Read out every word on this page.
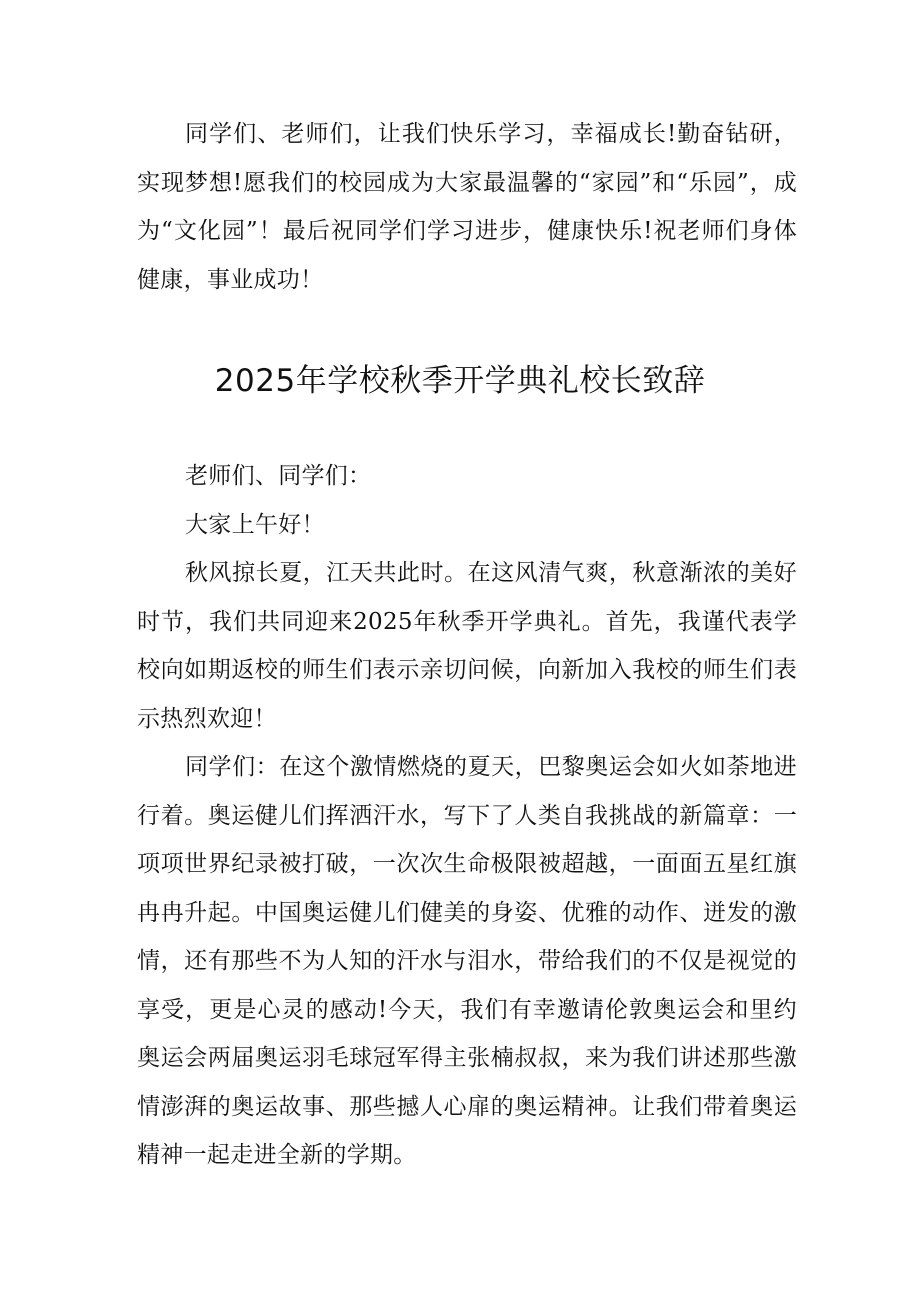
同学们、老师们，让我们快乐学习，幸福成长!勤奋钻研，实现梦想!愿我们的校园成为大家最温馨的“家园”和“乐园”，成为“文化园”！最后祝同学们学习进步，健康快乐!祝老师们身体健康，事业成功！

2025年学校秋季开学典礼校长致辞

老师们、同学们：

大家上午好！

秋风掠长夏，江天共此时。在这风清气爽，秋意渐浓的美好时节，我们共同迎来2025年秋季开学典礼。首先，我谨代表学校向如期返校的师生们表示亲切问候，向新加入我校的师生们表示热烈欢迎！

同学们：在这个激情燃烧的夏天，巴黎奥运会如火如荼地进行着。奥运健儿们挥洒汗水，写下了人类自我挑战的新篇章：一项项世界纪录被打破，一次次生命极限被超越，一面面五星红旗冉冉升起。中国奥运健儿们健美的身姿、优雅的动作、迸发的激情，还有那些不为人知的汗水与泪水，带给我们的不仅是视觉的享受，更是心灵的感动!今天，我们有幸邀请伦敦奥运会和里约奥运会两届奥运羽毛球冠军得主张楠叔叔，来为我们讲述那些激情澎湃的奥运故事、那些撼人心扉的奥运精神。让我们带着奥运精神一起走进全新的学期。
